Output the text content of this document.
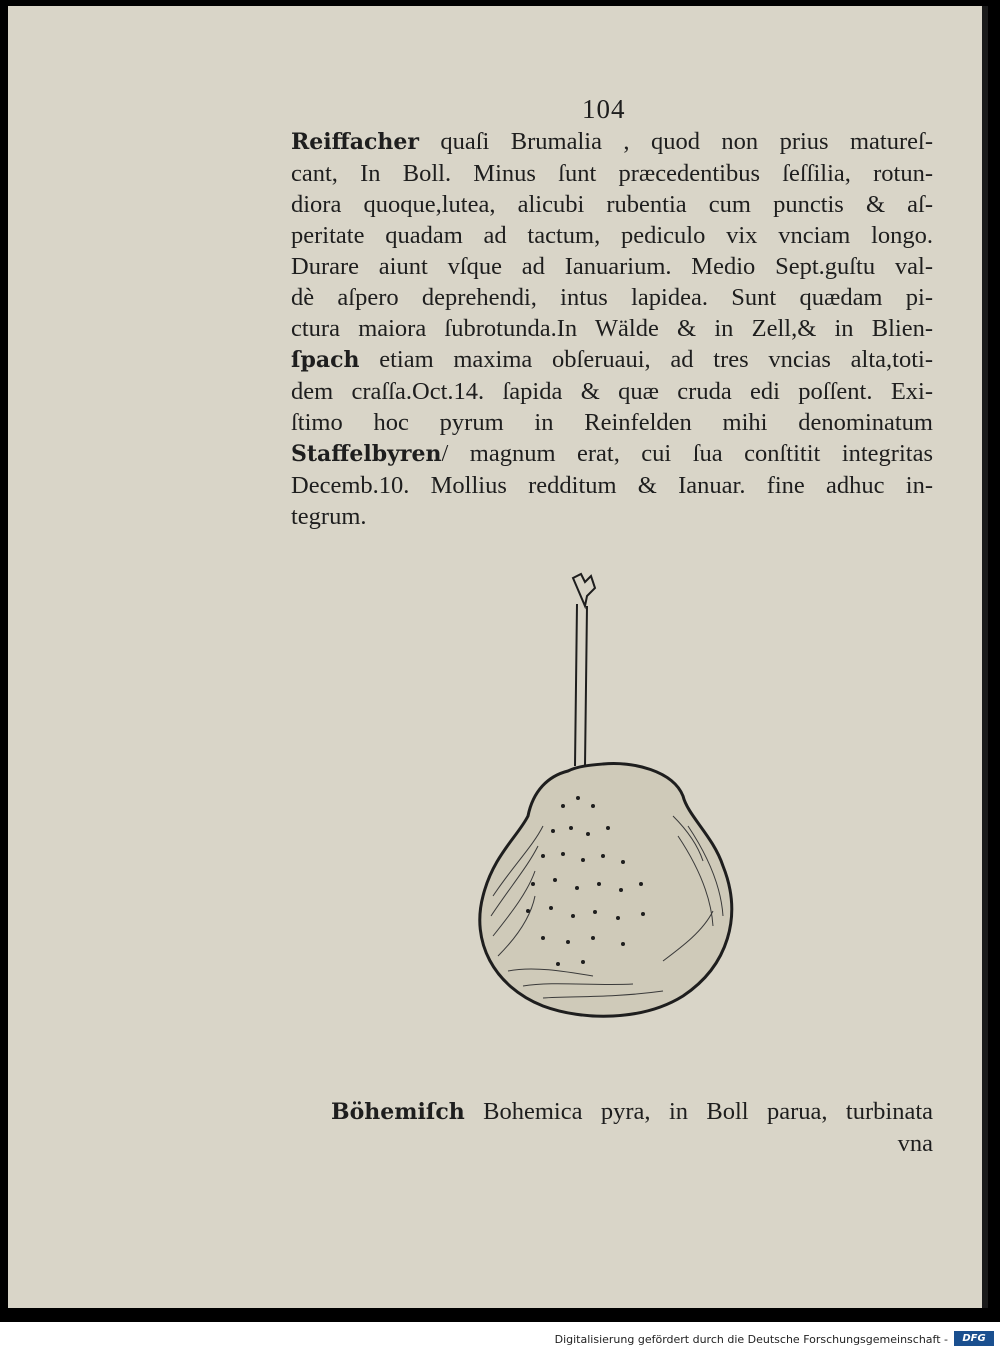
104
Reiffacher quaſi Brumalia , quod non prius matureſ-
cant, In Boll. Minus ſunt præcedentibus ſeſſilia, rotun-
diora quoque,lutea, alicubi rubentia cum punctis & aſ-
peritate quadam ad tactum, pediculo vix vnciam longo.
Durare aiunt vſque ad Ianuarium. Medio Sept.guſtu val-
dè aſpero deprehendi, intus lapidea. Sunt quædam pi-
ctura maiora ſubrotunda.In Wälde & in Zell,& in Blien-
ſpach etiam maxima obſeruaui, ad tres vncias alta,toti-
dem craſſa.Oct.14. ſapida & quæ cruda edi poſſent. Exi-
ſtimo hoc pyrum in Reinfelden mihi denominatum
Staffelbyren/ magnum erat, cui ſua conſtitit integritas
Decemb.10. Mollius redditum & Ianuar. fine adhuc in-
tegrum.
Böhemiſch Bohemica pyra, in Boll parua, turbinata
vna
Digitalisierung gefördert durch die Deutsche Forschungsgemeinschaft -	DFG
